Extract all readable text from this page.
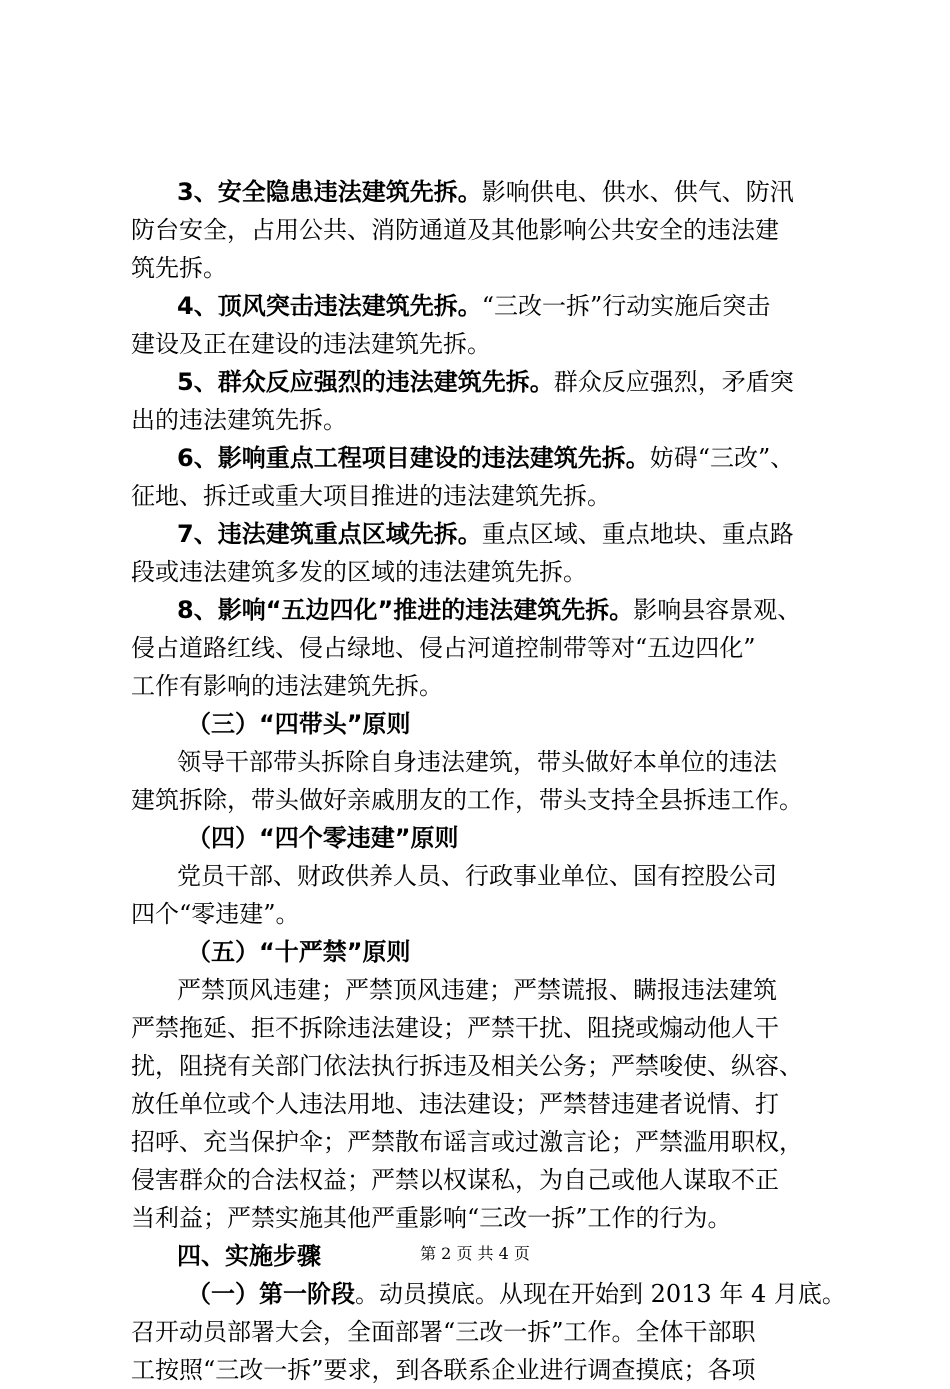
3、安全隐患违法建筑先拆。影响供电、供水、供气、防汛
防台安全，占用公共、消防通道及其他影响公共安全的违法建
筑先拆。
4、顶风突击违法建筑先拆。“三改一拆”行动实施后突击
建设及正在建设的违法建筑先拆。
5、群众反应强烈的违法建筑先拆。群众反应强烈，矛盾突
出的违法建筑先拆。
6、影响重点工程项目建设的违法建筑先拆。妨碍“三改”、
征地、拆迁或重大项目推进的违法建筑先拆。
7、违法建筑重点区域先拆。重点区域、重点地块、重点路
段或违法建筑多发的区域的违法建筑先拆。
8、影响“五边四化”推进的违法建筑先拆。影响县容景观、
侵占道路红线、侵占绿地、侵占河道控制带等对“五边四化”
工作有影响的违法建筑先拆。
（三）“四带头”原则
领导干部带头拆除自身违法建筑，带头做好本单位的违法
建筑拆除，带头做好亲戚朋友的工作，带头支持全县拆违工作。
（四）“四个零违建”原则
党员干部、财政供养人员、行政事业单位、国有控股公司
四个“零违建”。
（五）“十严禁”原则
严禁顶风违建；严禁顶风违建；严禁谎报、瞒报违法建筑
严禁拖延、拒不拆除违法建设；严禁干扰、阻挠或煽动他人干
扰，阻挠有关部门依法执行拆违及相关公务；严禁唆使、纵容、
放任单位或个人违法用地、违法建设；严禁替违建者说情、打
招呼、充当保护伞；严禁散布谣言或过激言论；严禁滥用职权，
侵害群众的合法权益；严禁以权谋私，为自己或他人谋取不正
当利益；严禁实施其他严重影响“三改一拆”工作的行为。
四、实施步骤
（一）第一阶段。动员摸底。从现在开始到 2013 年 4 月底。
召开动员部署大会，全面部署“三改一拆”工作。全体干部职
工按照“三改一拆”要求，到各联系企业进行调查摸底；各项
第 2 页 共 4 页
